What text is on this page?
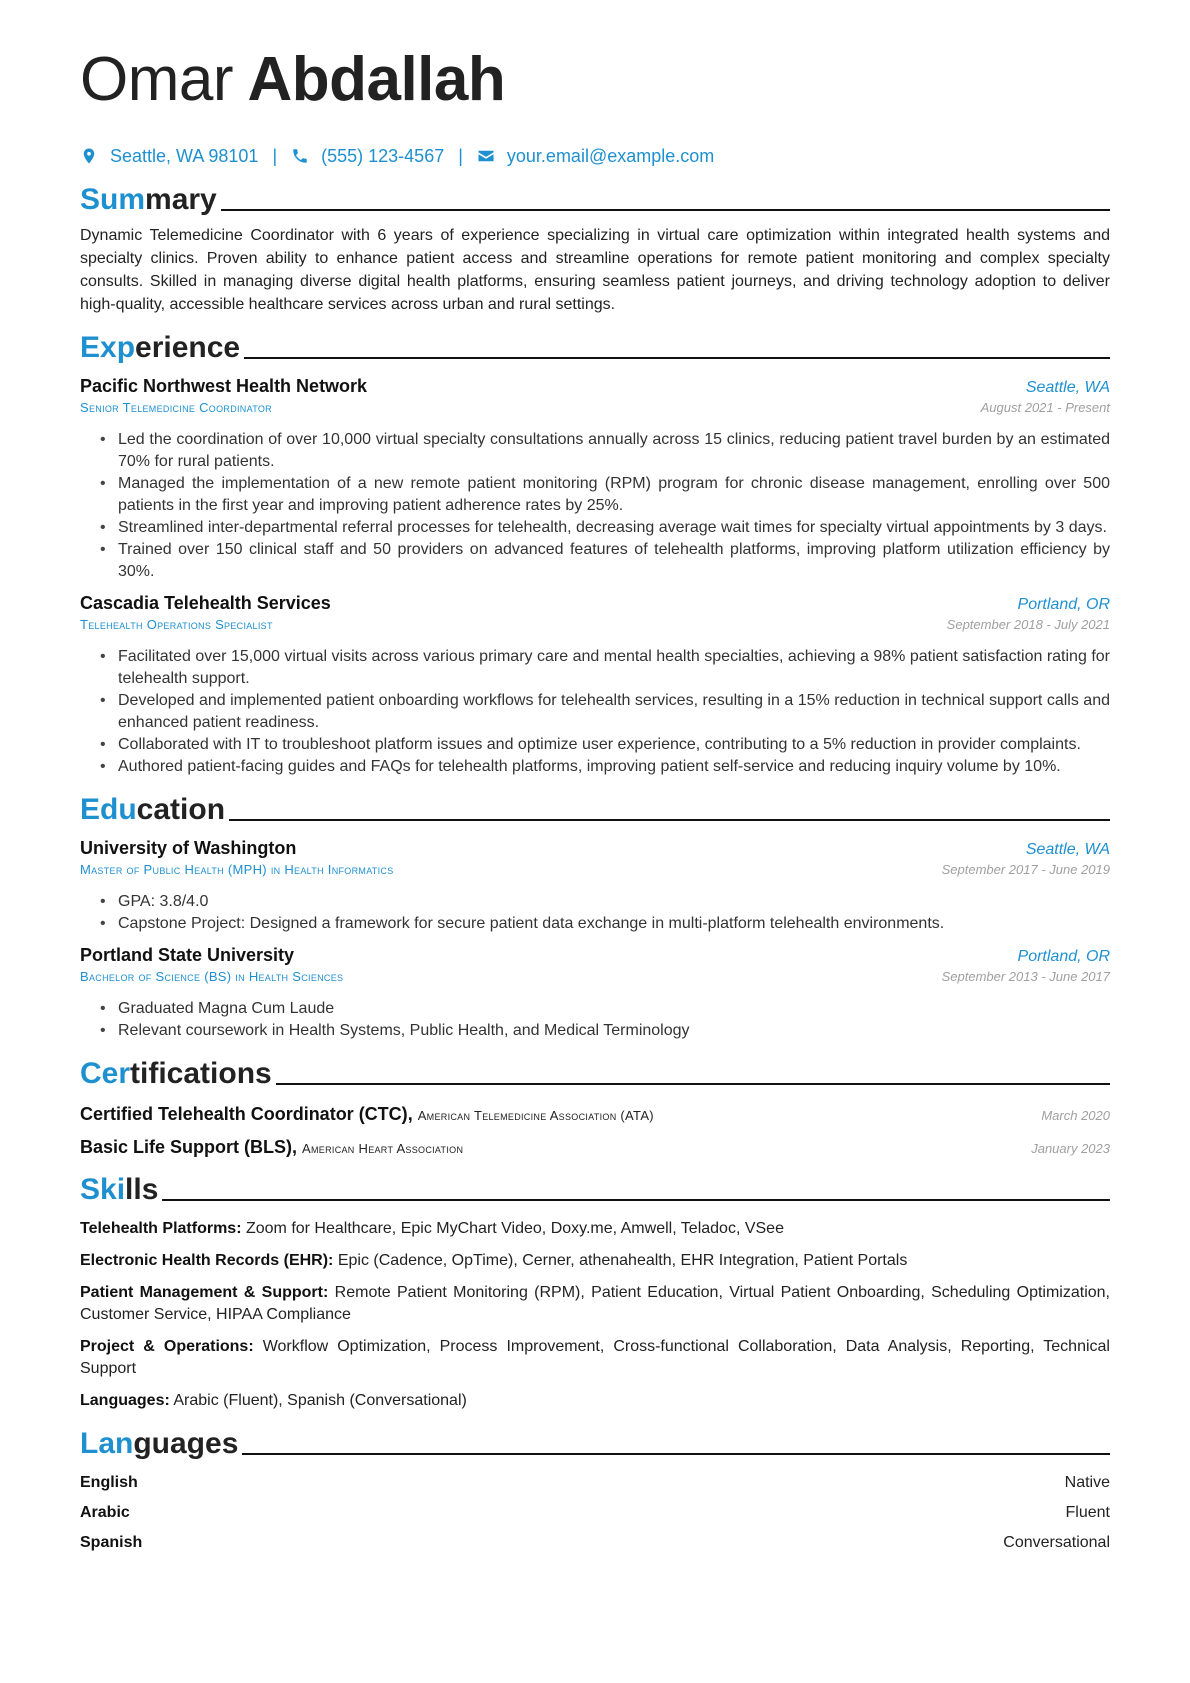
Omar Abdallah
Seattle, WA 98101 | (555) 123-4567 | your.email@example.com
Summary
Dynamic Telemedicine Coordinator with 6 years of experience specializing in virtual care optimization within integrated health systems and specialty clinics. Proven ability to enhance patient access and streamline operations for remote patient monitoring and complex specialty consults. Skilled in managing diverse digital health platforms, ensuring seamless patient journeys, and driving technology adoption to deliver high-quality, accessible healthcare services across urban and rural settings.
Experience
Pacific Northwest Health Network	Seattle, WA
Senior Telemedicine Coordinator	August 2021 - Present
• Led the coordination of over 10,000 virtual specialty consultations annually across 15 clinics, reducing patient travel burden by an estimated 70% for rural patients.
• Managed the implementation of a new remote patient monitoring (RPM) program for chronic disease management, enrolling over 500 patients in the first year and improving patient adherence rates by 25%.
• Streamlined inter-departmental referral processes for telehealth, decreasing average wait times for specialty virtual appointments by 3 days.
• Trained over 150 clinical staff and 50 providers on advanced features of telehealth platforms, improving platform utilization efficiency by 30%.
Cascadia Telehealth Services	Portland, OR
Telehealth Operations Specialist	September 2018 - July 2021
• Facilitated over 15,000 virtual visits across various primary care and mental health specialties, achieving a 98% patient satisfaction rating for telehealth support.
• Developed and implemented patient onboarding workflows for telehealth services, resulting in a 15% reduction in technical support calls and enhanced patient readiness.
• Collaborated with IT to troubleshoot platform issues and optimize user experience, contributing to a 5% reduction in provider complaints.
• Authored patient-facing guides and FAQs for telehealth platforms, improving patient self-service and reducing inquiry volume by 10%.
Education
University of Washington	Seattle, WA
Master of Public Health (MPH) in Health Informatics	September 2017 - June 2019
• GPA: 3.8/4.0
• Capstone Project: Designed a framework for secure patient data exchange in multi-platform telehealth environments.
Portland State University	Portland, OR
Bachelor of Science (BS) in Health Sciences	September 2013 - June 2017
• Graduated Magna Cum Laude
• Relevant coursework in Health Systems, Public Health, and Medical Terminology
Certifications
Certified Telehealth Coordinator (CTC), American Telemedicine Association (ATA)	March 2020
Basic Life Support (BLS), American Heart Association	January 2023
Skills
Telehealth Platforms: Zoom for Healthcare, Epic MyChart Video, Doxy.me, Amwell, Teladoc, VSee
Electronic Health Records (EHR): Epic (Cadence, OpTime), Cerner, athenahealth, EHR Integration, Patient Portals
Patient Management & Support: Remote Patient Monitoring (RPM), Patient Education, Virtual Patient Onboarding, Scheduling Optimization, Customer Service, HIPAA Compliance
Project & Operations: Workflow Optimization, Process Improvement, Cross-functional Collaboration, Data Analysis, Reporting, Technical Support
Languages: Arabic (Fluent), Spanish (Conversational)
Languages
English	Native
Arabic	Fluent
Spanish	Conversational
